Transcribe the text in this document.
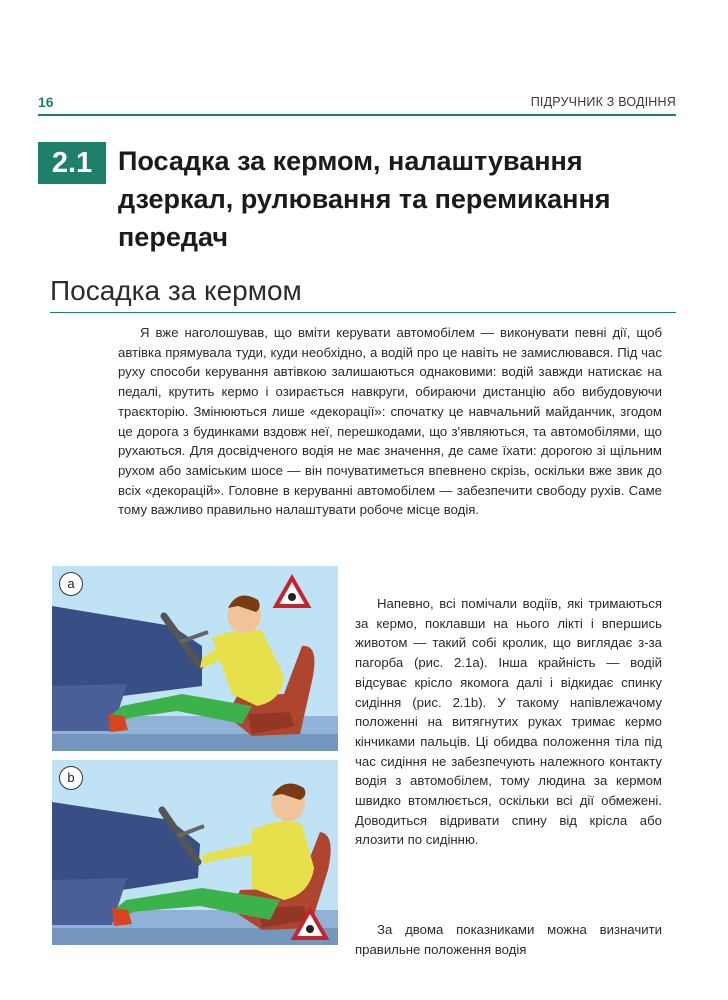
16	ПІДРУЧНИК З ВОДІННЯ
2.1 Посадка за кермом, налаштування дзеркал, рулювання та перемикання передач
Посадка за кермом

Я вже наголошував, що вміти керувати автомобілем — виконувати певні дії, щоб автівка прямувала туди, куди необхідно, а водій про це навіть не замислювався. Під час руху способи керування автівкою залишаються однаковими: водій завжди натискає на педалі, крутить кермо і озирається навкруги, обираючи дистанцію або вибудовуючи траєкторію. Змінюються лише «декорації»: спочатку це навчальний майданчик, згодом це дорога з будинками вздовж неї, перешкодами, що з'являються, та автомобілями, що рухаються. Для досвідченого водія не має значення, де саме їхати: дорогою зі щільним рухом або заміським шосе — він почуватиметься впевнено скрізь, оскільки вже звик до всіх «декорацій». Головне в керуванні автомобілем — забезпечити свободу рухів. Саме тому важливо правильно налаштувати робоче місце водія.

a
b

Напевно, всі помічали водіїв, які тримаються за кермо, поклавши на нього лікті і впершись животом — такий собі кролик, що виглядає з-за пагорба (рис. 2.1a). Інша крайність — водій відсуває крісло якомога далі і відкидає спинку сидіння (рис. 2.1b). У такому напівлежачому положенні на витягнутих руках тримає кермо кінчиками пальців. Ці обидва положення тіла під час сидіння не забезпечують належного контакту водія з автомобілем, тому людина за кермом швидко втомлюється, оскільки всі дії обмежені. Доводиться відривати спину від крісла або ялозити по сидінню.

За двома показниками можна визначити правильне положення водія
